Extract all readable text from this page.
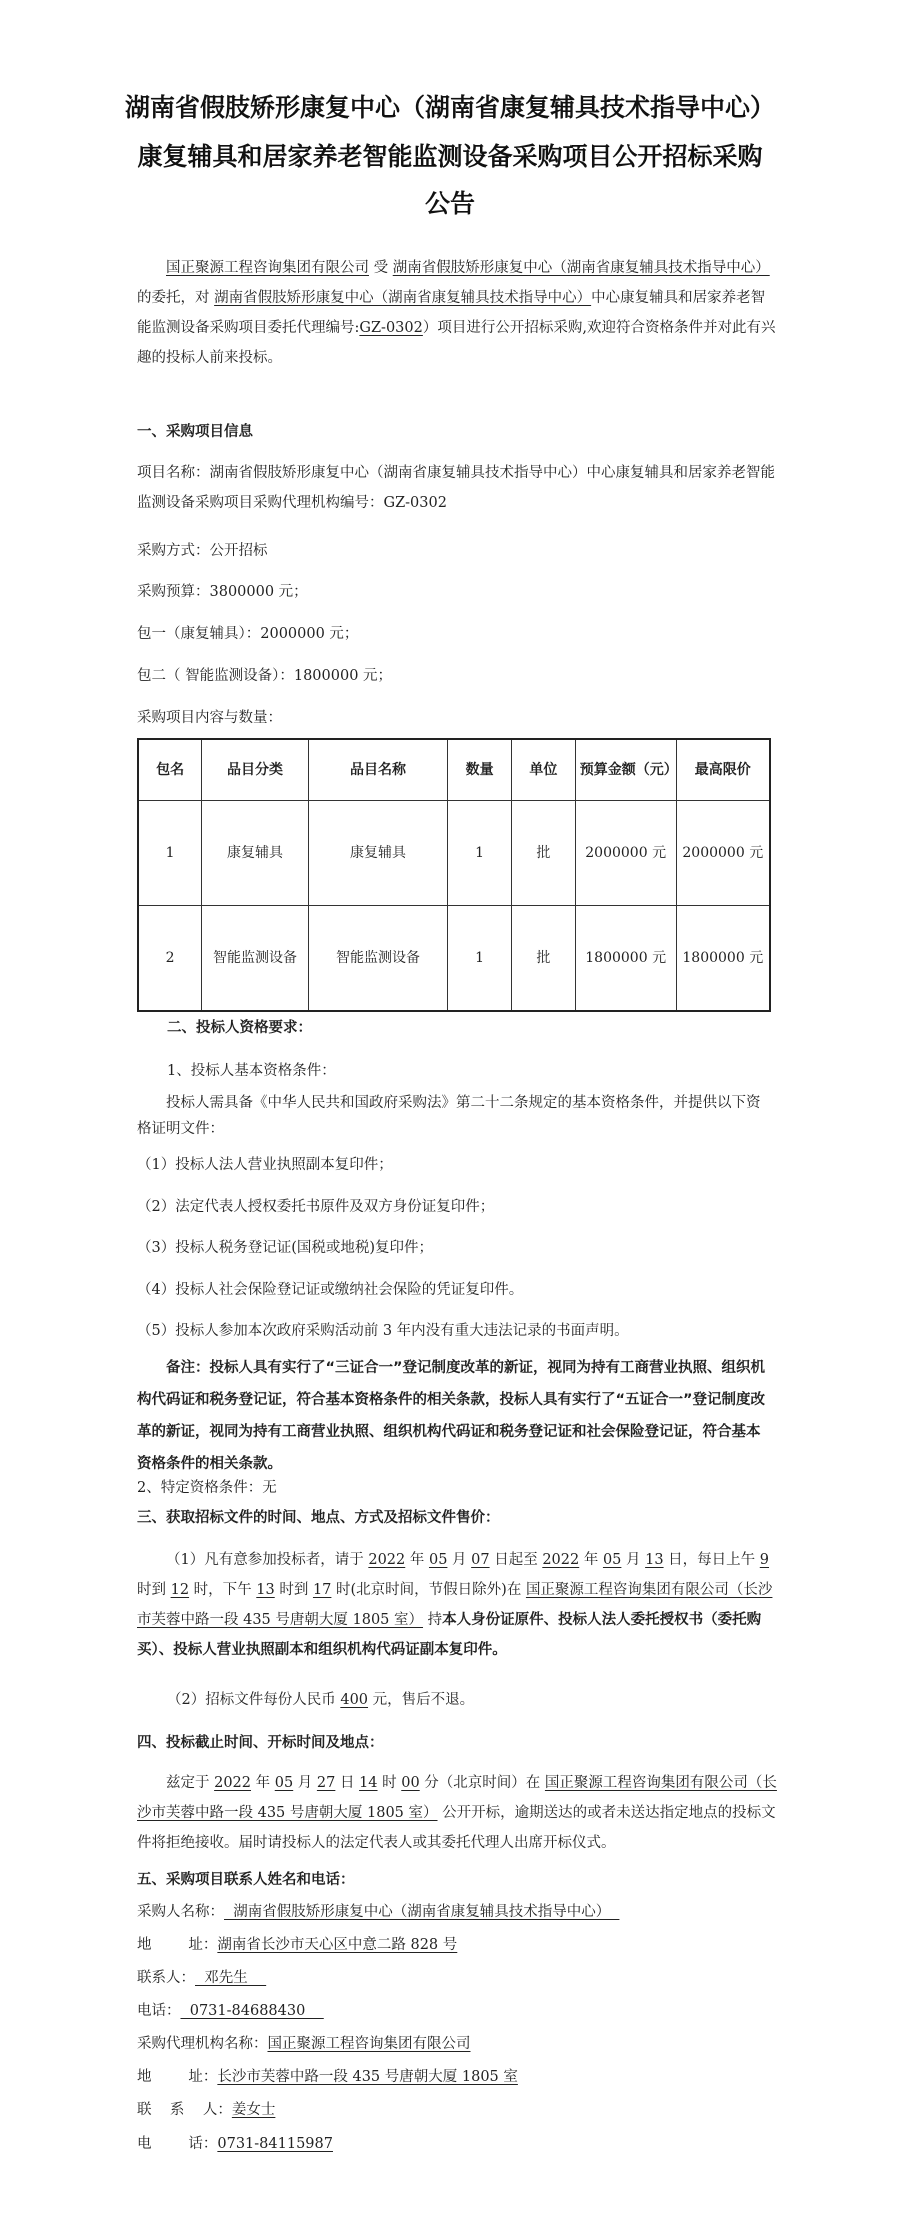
湖南省假肢矫形康复中心（湖南省康复辅具技术指导中心）
康复辅具和居家养老智能监测设备采购项目公开招标采购
公告
国正聚源工程咨询集团有限公司 受 湖南省假肢矫形康复中心（湖南省康复辅具技术指导中心）的委托，对 湖南省假肢矫形康复中心（湖南省康复辅具技术指导中心）中心康复辅具和居家养老智能监测设备采购项目委托代理编号:GZ-0302）项目进行公开招标采购,欢迎符合资格条件并对此有兴趣的投标人前来投标。
一、采购项目信息
项目名称：湖南省假肢矫形康复中心（湖南省康复辅具技术指导中心）中心康复辅具和居家养老智能监测设备采购项目采购代理机构编号：GZ-0302
采购方式：公开招标
采购预算：3800000 元；
包一（康复辅具）：2000000 元；
包二（ 智能监测设备）：1800000 元；
采购项目内容与数量：
包名	品目分类	品目名称	数量	单位	预算金额（元）	最高限价
1	康复辅具	康复辅具	1	批	2000000 元	2000000 元
2	智能监测设备	智能监测设备	1	批	1800000 元	1800000 元
二、投标人资格要求：
1、投标人基本资格条件：
投标人需具备《中华人民共和国政府采购法》第二十二条规定的基本资格条件，并提供以下资格证明文件：
（1）投标人法人营业执照副本复印件；
（2）法定代表人授权委托书原件及双方身份证复印件；
（3）投标人税务登记证(国税或地税)复印件；
（4）投标人社会保险登记证或缴纳社会保险的凭证复印件。
（5）投标人参加本次政府采购活动前 3 年内没有重大违法记录的书面声明。
备注：投标人具有实行了“三证合一”登记制度改革的新证，视同为持有工商营业执照、组织机构代码证和税务登记证，符合基本资格条件的相关条款，投标人具有实行了“五证合一”登记制度改革的新证，视同为持有工商营业执照、组织机构代码证和税务登记证和社会保险登记证，符合基本资格条件的相关条款。
2、特定资格条件：无
三、获取招标文件的时间、地点、方式及招标文件售价：
（1）凡有意参加投标者，请于 2022 年 05 月 07 日起至 2022 年 05 月 13 日，每日上午 9 时到 12 时，下午 13 时到 17 时(北京时间，节假日除外)在 国正聚源工程咨询集团有限公司（长沙市芙蓉中路一段 435 号唐朝大厦 1805 室） 持本人身份证原件、投标人法人委托授权书（委托购买）、投标人营业执照副本和组织机构代码证副本复印件。
（2）招标文件每份人民币 400 元，售后不退。
四、投标截止时间、开标时间及地点：
兹定于 2022 年 05 月 27 日 14 时 00 分（北京时间）在 国正聚源工程咨询集团有限公司（长沙市芙蓉中路一段 435 号唐朝大厦 1805 室） 公开开标，逾期送达的或者未送达指定地点的投标文件将拒绝接收。届时请投标人的法定代表人或其委托代理人出席开标仪式。
五、采购项目联系人姓名和电话：
采购人名称：  湖南省假肢矫形康复中心（湖南省康复辅具技术指导中心）
地        址：湖南省长沙市天心区中意二路 828 号
联系人：  邓先生
电话：  0731-84688430
采购代理机构名称：国正聚源工程咨询集团有限公司
地        址：长沙市芙蓉中路一段 435 号唐朝大厦 1805 室
联    系    人：姜女士
电        话：0731-84115987
